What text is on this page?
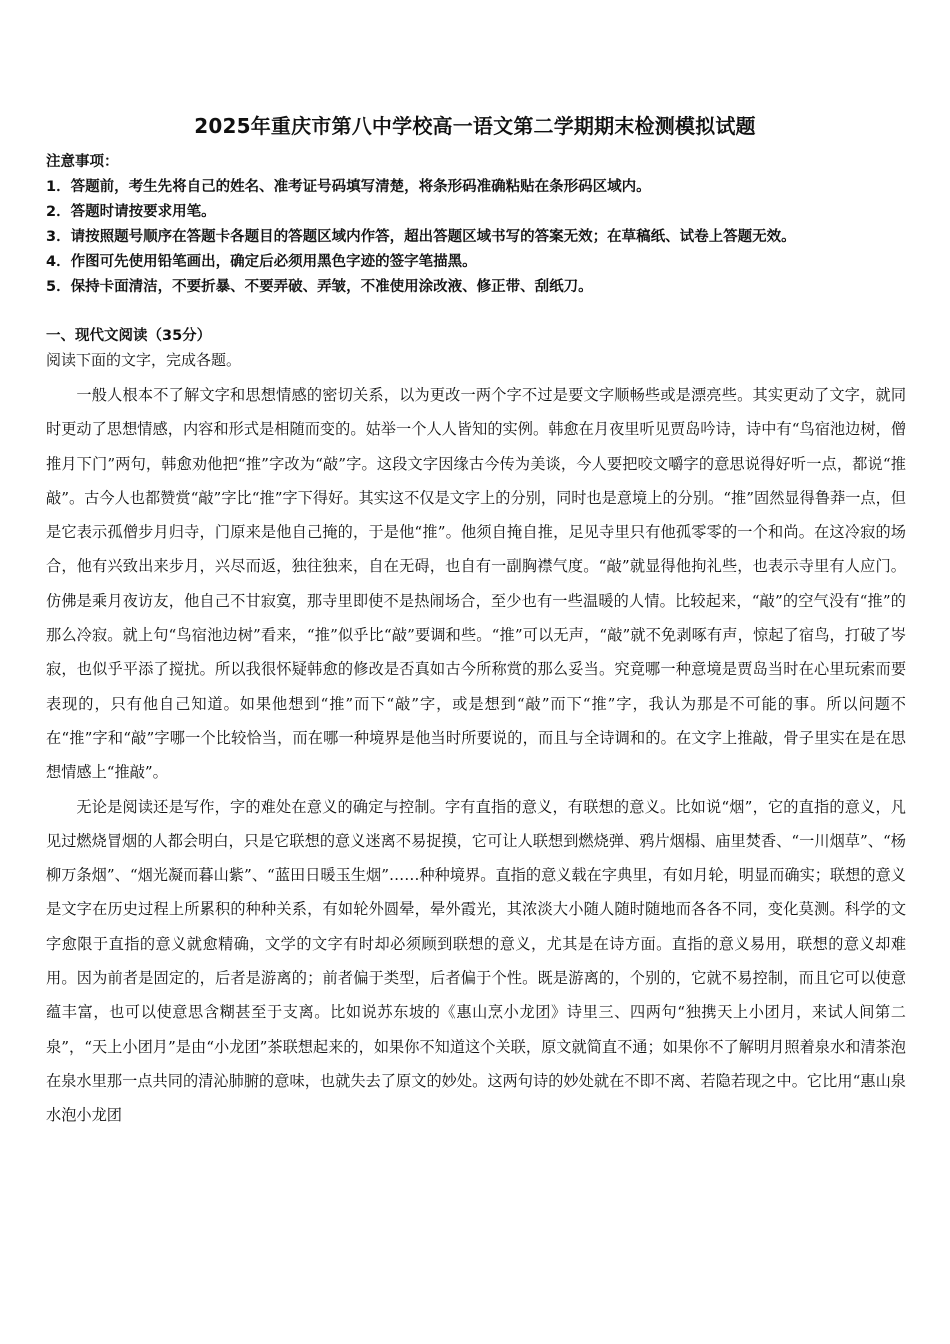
2025年重庆市第八中学校高一语文第二学期期末检测模拟试题
注意事项：
1．答题前，考生先将自己的姓名、准考证号码填写清楚，将条形码准确粘贴在条形码区域内。
2．答题时请按要求用笔。
3．请按照题号顺序在答题卡各题目的答题区域内作答，超出答题区域书写的答案无效；在草稿纸、试卷上答题无效。
4．作图可先使用铅笔画出，确定后必须用黑色字迹的签字笔描黑。
5．保持卡面清洁，不要折暴、不要弄破、弄皱，不准使用涂改液、修正带、刮纸刀。
一、现代文阅读（35分）
阅读下面的文字，完成各题。

一般人根本不了解文字和思想情感的密切关系，以为更改一两个字不过是要文字顺畅些或是漂亮些。其实更动了文字，就同时更动了思想情感，内容和形式是相随而变的。姑举一个人人皆知的实例。韩愈在月夜里听见贾岛吟诗，诗中有“鸟宿池边树，僧推月下门”两句，韩愈劝他把“推”字改为“敲”字。这段文字因缘古今传为美谈，今人要把咬文嚼字的意思说得好听一点，都说“推敲”。古今人也都赞赏“敲”字比“推”字下得好。其实这不仅是文字上的分别，同时也是意境上的分别。“推”固然显得鲁莽一点，但是它表示孤僧步月归寺，门原来是他自己掩的，于是他“推”。他须自掩自推，足见寺里只有他孤零零的一个和尚。在这冷寂的场合，他有兴致出来步月，兴尽而返，独往独来，自在无碍，也自有一副胸襟气度。“敲”就显得他拘礼些，也表示寺里有人应门。仿佛是乘月夜访友，他自己不甘寂寞，那寺里即使不是热闹场合，至少也有一些温暖的人情。比较起来，“敲”的空气没有“推”的那么冷寂。就上句“鸟宿池边树”看来，“推”似乎比“敲”要调和些。“推”可以无声，“敲”就不免剥啄有声，惊起了宿鸟，打破了岑寂，也似乎平添了搅扰。所以我很怀疑韩愈的修改是否真如古今所称赏的那么妥当。究竟哪一种意境是贾岛当时在心里玩索而要表现的，只有他自己知道。如果他想到“推”而下“敲”字，或是想到“敲”而下“推”字，我认为那是不可能的事。所以问题不在“推”字和“敲”字哪一个比较恰当，而在哪一种境界是他当时所要说的，而且与全诗调和的。在文字上推敲，骨子里实在是在思想情感上“推敲”。

无论是阅读还是写作，字的难处在意义的确定与控制。字有直指的意义，有联想的意义。比如说“烟”，它的直指的意义，凡见过燃烧冒烟的人都会明白，只是它联想的意义迷离不易捉摸，它可让人联想到燃烧弹、鸦片烟榻、庙里焚香、“一川烟草”、“杨柳万条烟”、“烟光凝而暮山紫”、“蓝田日暖玉生烟”……种种境界。直指的意义载在字典里，有如月轮，明显而确实；联想的意义是文字在历史过程上所累积的种种关系，有如轮外圆晕，晕外霞光，其浓淡大小随人随时随地而各各不同，变化莫测。科学的文字愈限于直指的意义就愈精确，文学的文字有时却必须顾到联想的意义，尤其是在诗方面。直指的意义易用，联想的意义却难用。因为前者是固定的，后者是游离的；前者偏于类型，后者偏于个性。既是游离的，个别的，它就不易控制，而且它可以使意蕴丰富，也可以使意思含糊甚至于支离。比如说苏东坡的《惠山烹小龙团》诗里三、四两句“独携天上小团月，来试人间第二泉”，“天上小团月”是由“小龙团”茶联想起来的，如果你不知道这个关联，原文就简直不通；如果你不了解明月照着泉水和清茶泡在泉水里那一点共同的清沁肺腑的意味，也就失去了原文的妙处。这两句诗的妙处就在不即不离、若隐若现之中。它比用“惠山泉水泡小龙团
